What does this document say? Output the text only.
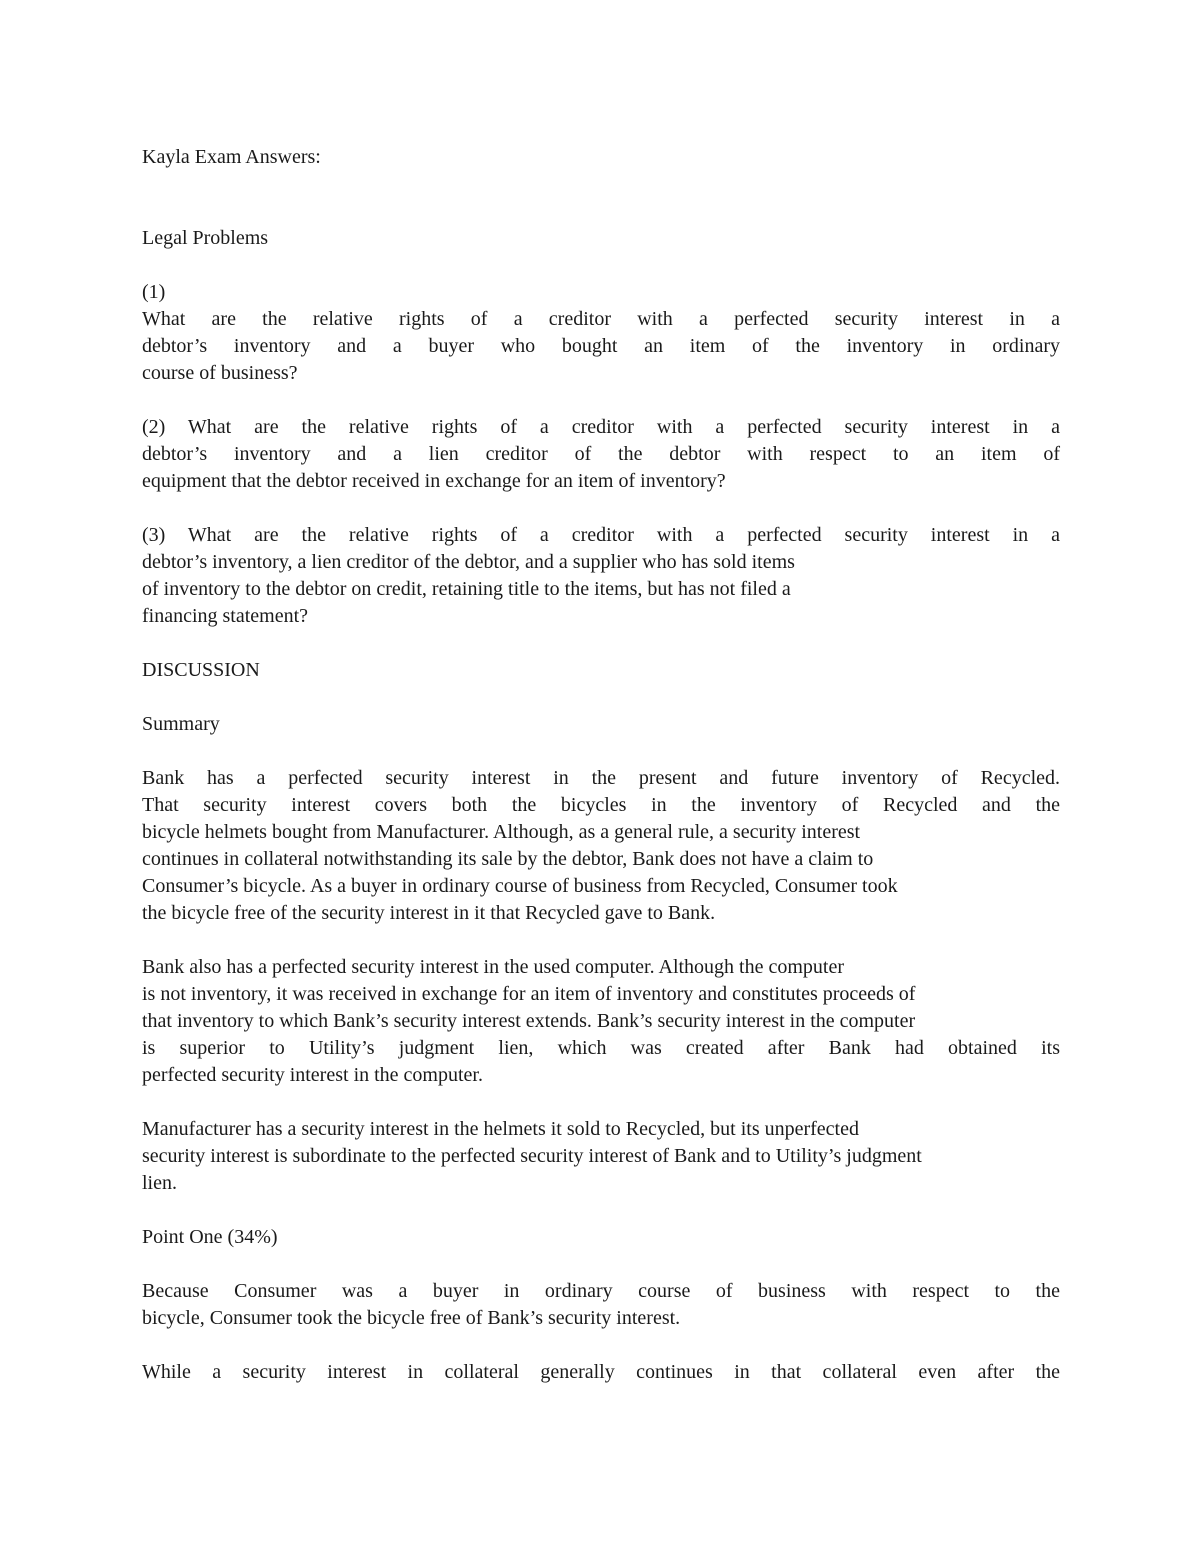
Kayla Exam Answers:
Legal Problems
(1)
What are the relative rights of a creditor with a perfected security interest in a
debtor’s inventory and a buyer who bought an item of the inventory in ordinary
course of business?
(2) What are the relative rights of a creditor with a perfected security interest in a
debtor’s inventory and a lien creditor of the debtor with respect to an item of
equipment that the debtor received in exchange for an item of inventory?
(3) What are the relative rights of a creditor with a perfected security interest in a
debtor’s inventory, a lien creditor of the debtor, and a supplier who has sold items
of inventory to the debtor on credit, retaining title to the items, but has not filed a
financing statement?
DISCUSSION
Summary
Bank has a perfected security interest in the present and future inventory of Recycled.
That security interest covers both the bicycles in the inventory of Recycled and the
bicycle helmets bought from Manufacturer. Although, as a general rule, a security interest
continues in collateral notwithstanding its sale by the debtor, Bank does not have a claim to
Consumer’s bicycle. As a buyer in ordinary course of business from Recycled, Consumer took
the bicycle free of the security interest in it that Recycled gave to Bank.
Bank also has a perfected security interest in the used computer. Although the computer
is not inventory, it was received in exchange for an item of inventory and constitutes proceeds of
that inventory to which Bank’s security interest extends. Bank’s security interest in the computer
is superior to Utility’s judgment lien, which was created after Bank had obtained its
perfected security interest in the computer.
Manufacturer has a security interest in the helmets it sold to Recycled, but its unperfected
security interest is subordinate to the perfected security interest of Bank and to Utility’s judgment
lien.
Point One (34%)
Because Consumer was a buyer in ordinary course of business with respect to the
bicycle, Consumer took the bicycle free of Bank’s security interest.
While a security interest in collateral generally continues in that collateral even after the
